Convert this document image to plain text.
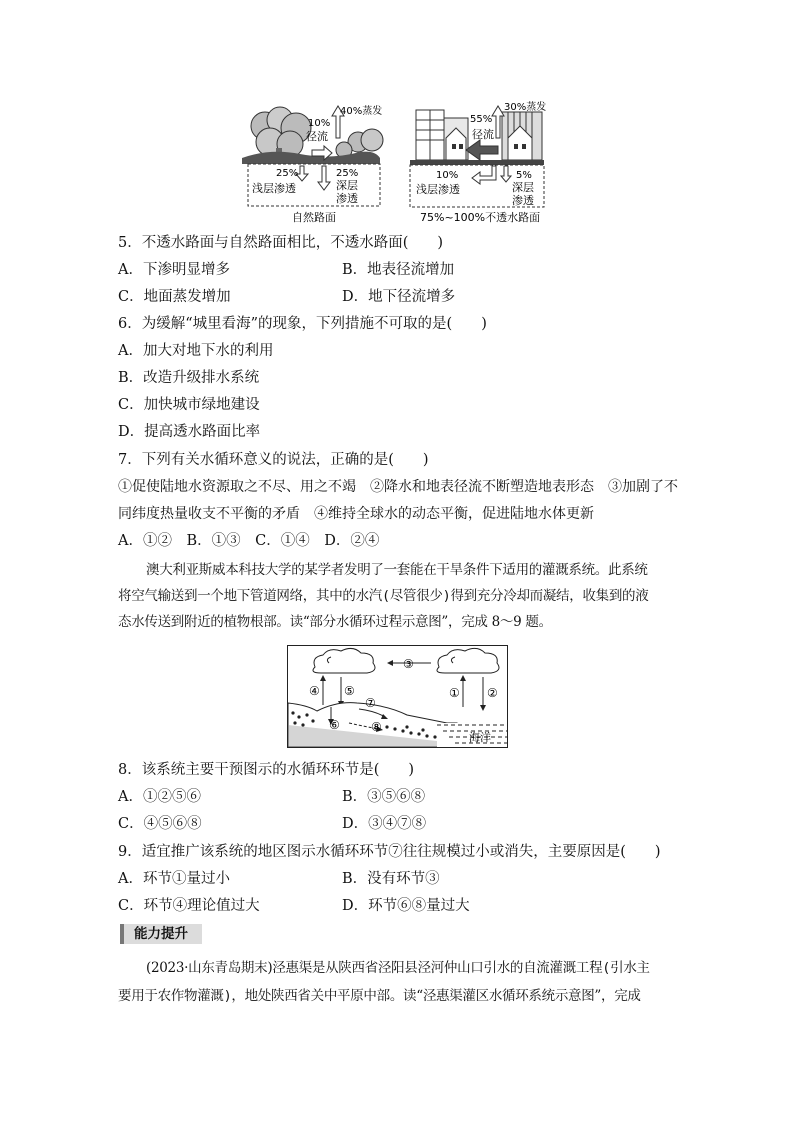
40%蒸发
10%
径流
25%
浅层渗透
25%
深层
渗透
自然路面
30%蒸发
55%
径流
10%
浅层渗透
5%
深层
渗透
75%~100%不透水路面
5．不透水路面与自然路面相比，不透水路面(　　)
A．下渗明显增多	B．地表径流增加
C．地面蒸发增加	D．地下径流增多
6．为缓解“城里看海”的现象，下列措施不可取的是(　　)
A．加大对地下水的利用
B．改造升级排水系统
C．加快城市绿地建设
D．提高透水路面比率
7．下列有关水循环意义的说法，正确的是(　　)
①促使陆地水资源取之不尽、用之不竭　②降水和地表径流不断塑造地表形态　③加剧了不
同纬度热量收支不平衡的矛盾　④维持全球水的动态平衡，促进陆地水体更新
A．①②　B．①③　C．①④　D．②④
澳大利亚斯威本科技大学的某学者发明了一套能在干旱条件下适用的灌溉系统。此系统
将空气输送到一个地下管道网络，其中的水汽(尽管很少)得到充分冷却而凝结，收集到的液
态水传送到附近的植物根部。读“部分水循环过程示意图”，完成 8～9 题。
③
④ ⑤	① ②
⑦
⑥	⑧
海洋
8．该系统主要干预图示的水循环环节是(　　)
A．①②⑤⑥	B．③⑤⑥⑧
C．④⑤⑥⑧	D．③④⑦⑧
9．适宜推广该系统的地区图示水循环环节⑦往往规模过小或消失，主要原因是(　　)
A．环节①量过小	B．没有环节③
C．环节④理论值过大	D．环节⑥⑧量过大
能力提升
(2023·山东青岛期末)泾惠渠是从陕西省泾阳县泾河仲山口引水的自流灌溉工程(引水主
要用于农作物灌溉)，地处陕西省关中平原中部。读“泾惠渠灌区水循环系统示意图”，完成
